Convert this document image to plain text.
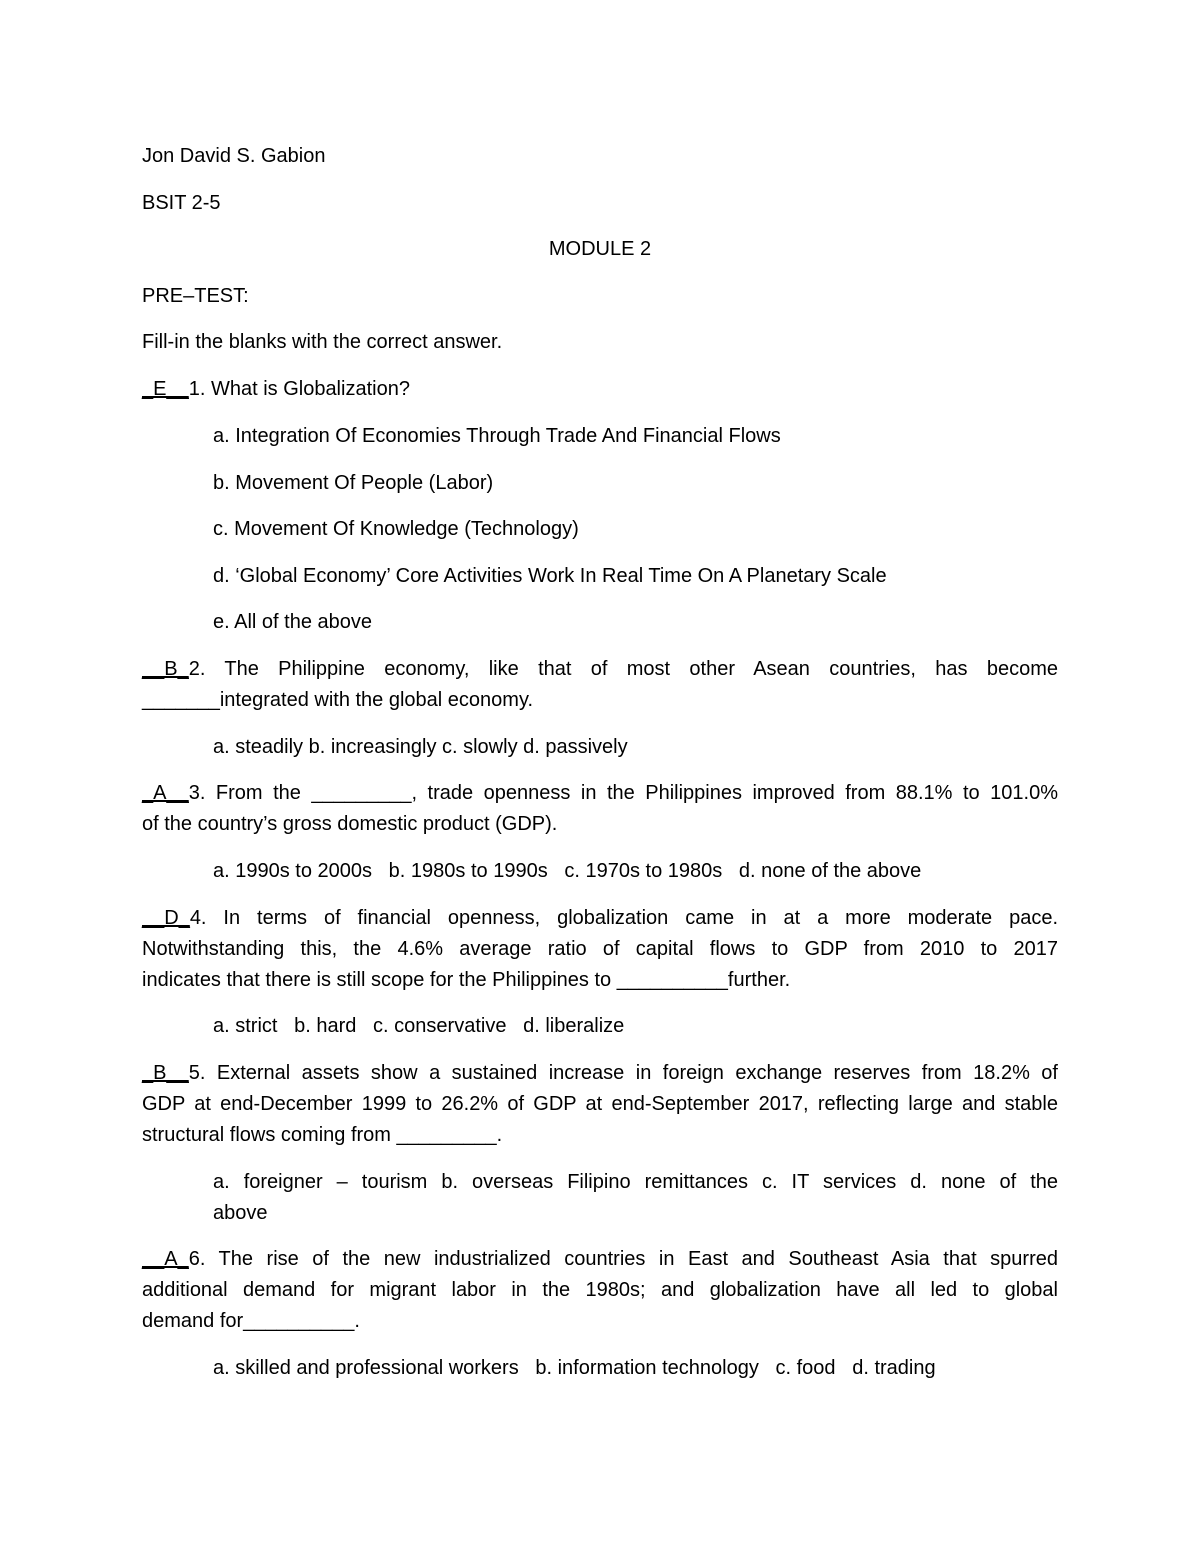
Jon David S. Gabion
BSIT 2-5
MODULE 2
PRE–TEST:
Fill-in the blanks with the correct answer.
_E__1. What is Globalization?
a. Integration Of Economies Through Trade And Financial Flows
b. Movement Of People (Labor)
c. Movement Of Knowledge (Technology)
d. ‘Global Economy’ Core Activities Work In Real Time On A Planetary Scale
e. All of the above
__B_2. The Philippine economy, like that of most other Asean countries, has become
_______integrated with the global economy.
a. steadily b. increasingly c. slowly d. passively
_A__3. From the _________, trade openness in the Philippines improved from 88.1% to 101.0%
of the country’s gross domestic product (GDP).
a. 1990s to 2000s   b. 1980s to 1990s   c. 1970s to 1980s   d. none of the above
__D_4. In terms of financial openness, globalization came in at a more moderate pace.
Notwithstanding this, the 4.6% average ratio of capital flows to GDP from 2010 to 2017
indicates that there is still scope for the Philippines to __________further.
a. strict   b. hard   c. conservative   d. liberalize
_B__5. External assets show a sustained increase in foreign exchange reserves from 18.2% of
GDP at end-December 1999 to 26.2% of GDP at end-September 2017, reflecting large and stable
structural flows coming from _________.
a. foreigner – tourism b. overseas Filipino remittances c. IT services d. none of the
above
__A_6. The rise of the new industrialized countries in East and Southeast Asia that spurred
additional demand for migrant labor in the 1980s; and globalization have all led to global
demand for__________.
a. skilled and professional workers   b. information technology   c. food   d. trading
